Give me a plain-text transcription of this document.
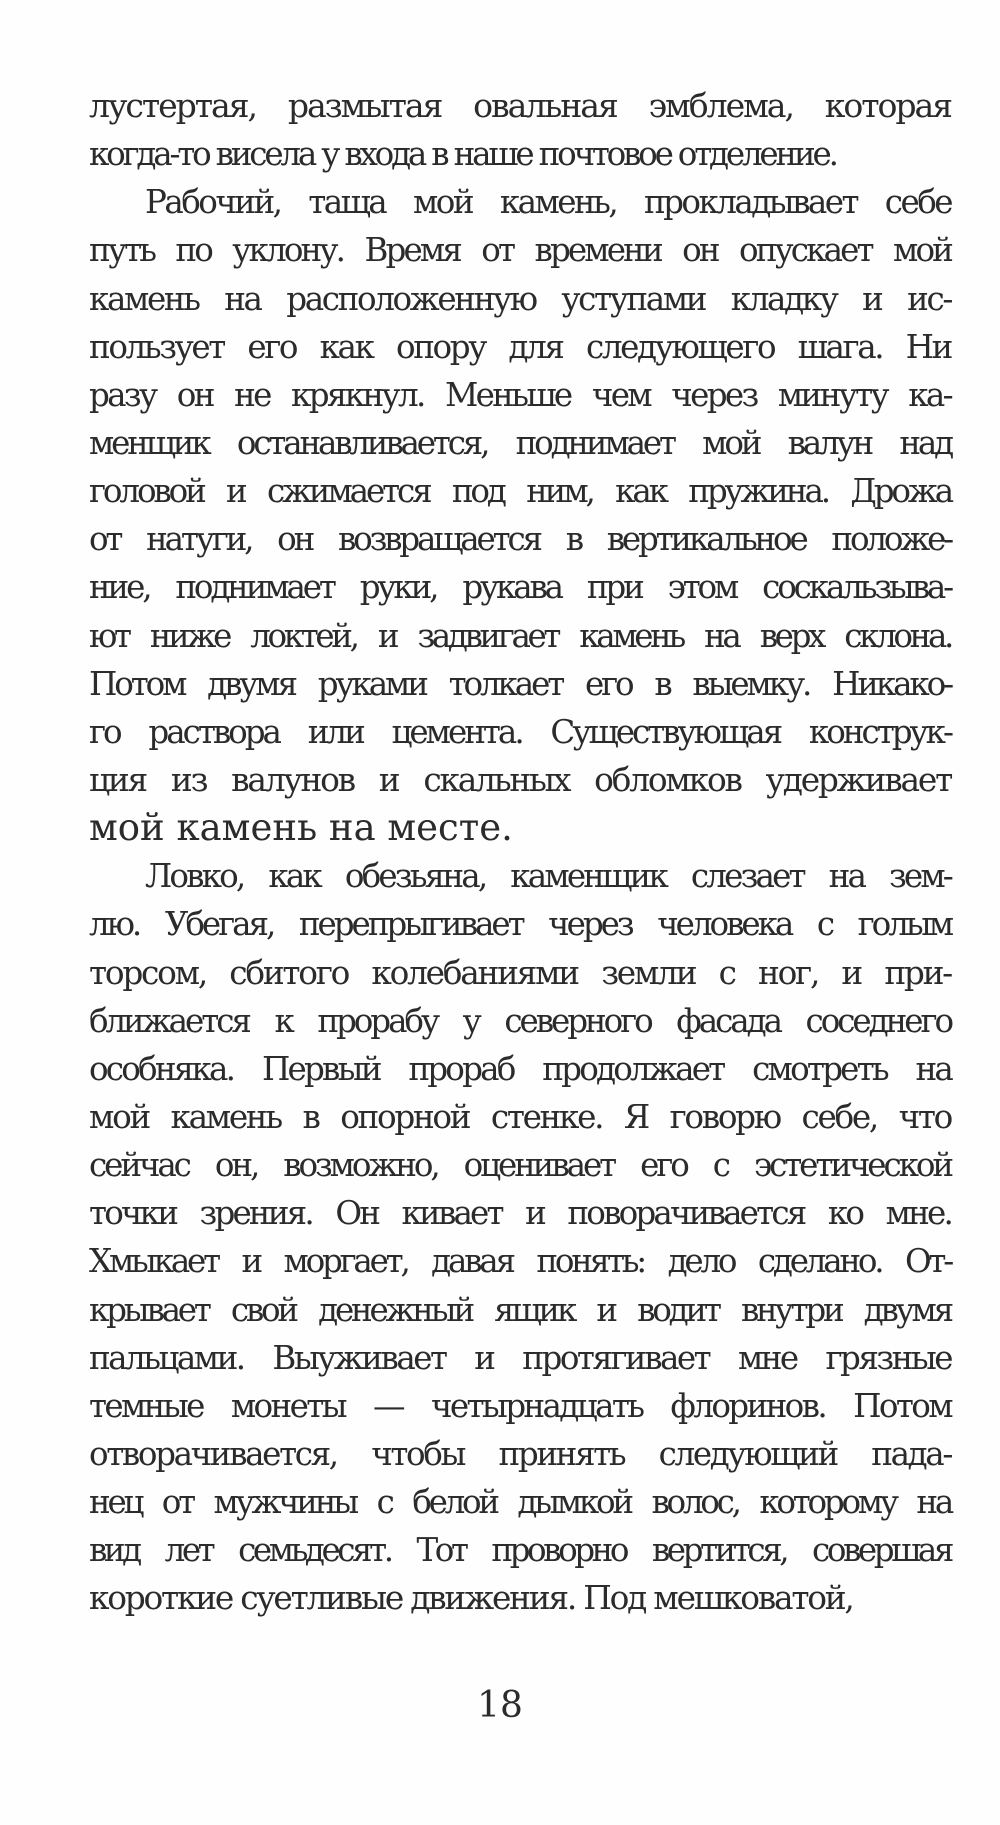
лустертая, размытая овальная эмблема, которая
когда-то висела у входа в наше почтовое отделение.
Рабочий, таща мой камень, прокладывает себе
путь по уклону. Время от времени он опускает мой
камень на расположенную уступами кладку и ис-
пользует его как опору для следующего шага. Ни
разу он не крякнул. Меньше чем через минуту ка-
менщик останавливается, поднимает мой валун над
головой и сжимается под ним, как пружина. Дрожа
от натуги, он возвращается в вертикальное положе-
ние, поднимает руки, рукава при этом соскальзыва-
ют ниже локтей, и задвигает камень на верх склона.
Потом двумя руками толкает его в выемку. Никако-
го раствора или цемента. Существующая конструк-
ция из валунов и скальных обломков удерживает
мой камень на месте.
Ловко, как обезьяна, каменщик слезает на зем-
лю. Убегая, перепрыгивает через человека с голым
торсом, сбитого колебаниями земли с ног, и при-
ближается к прорабу у северного фасада соседнего
особняка. Первый прораб продолжает смотреть на
мой камень в опорной стенке. Я говорю себе, что
сейчас он, возможно, оценивает его с эстетической
точки зрения. Он кивает и поворачивается ко мне.
Хмыкает и моргает, давая понять: дело сделано. От-
крывает свой денежный ящик и водит внутри двумя
пальцами. Выуживает и протягивает мне грязные
темные монеты — четырнадцать флоринов. Потом
отворачивается, чтобы принять следующий пада-
нец от мужчины с белой дымкой волос, которому на
вид лет семьдесят. Тот проворно вертится, совершая
короткие суетливые движения. Под мешковатой,
18
